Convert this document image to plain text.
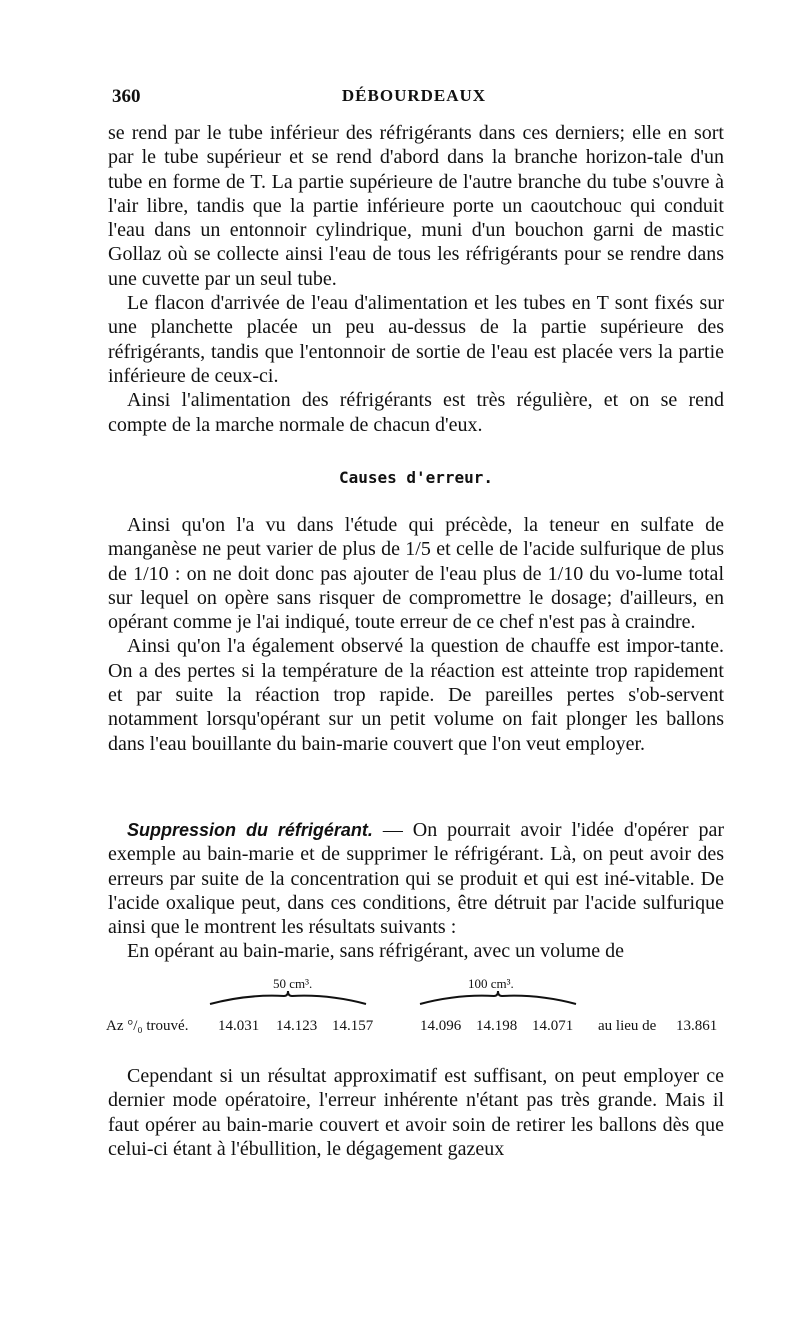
360	DÉBOURDEAUX

se rend par le tube inférieur des réfrigérants dans ces derniers; elle en sort par le tube supérieur et se rend d'abord dans la branche horizon-tale d'un tube en forme de T. La partie supérieure de l'autre branche du tube s'ouvre à l'air libre, tandis que la partie inférieure porte un caoutchouc qui conduit l'eau dans un entonnoir cylindrique, muni d'un bouchon garni de mastic Gollaz où se collecte ainsi l'eau de tous les réfrigérants pour se rendre dans une cuvette par un seul tube.

Le flacon d'arrivée de l'eau d'alimentation et les tubes en T sont fixés sur une planchette placée un peu au-dessus de la partie supérieure des réfrigérants, tandis que l'entonnoir de sortie de l'eau est placée vers la partie inférieure de ceux-ci.

Ainsi l'alimentation des réfrigérants est très régulière, et on se rend compte de la marche normale de chacun d'eux.

Causes d'erreur.

Ainsi qu'on l'a vu dans l'étude qui précède, la teneur en sulfate de manganèse ne peut varier de plus de 1/5 et celle de l'acide sulfurique de plus de 1/10 : on ne doit donc pas ajouter de l'eau plus de 1/10 du vo-lume total sur lequel on opère sans risquer de compromettre le dosage; d'ailleurs, en opérant comme je l'ai indiqué, toute erreur de ce chef n'est pas à craindre.

Ainsi qu'on l'a également observé la question de chauffe est impor-tante. On a des pertes si la température de la réaction est atteinte trop rapidement et par suite la réaction trop rapide. De pareilles pertes s'ob-servent notamment lorsqu'opérant sur un petit volume on fait plonger les ballons dans l'eau bouillante du bain-marie couvert que l'on veut employer.

Suppression du réfrigérant. — On pourrait avoir l'idée d'opérer par exemple au bain-marie et de supprimer le réfrigérant. Là, on peut avoir des erreurs par suite de la concentration qui se produit et qui est iné-vitable. De l'acide oxalique peut, dans ces conditions, être détruit par l'acide sulfurique ainsi que le montrent les résultats suivants :

En opérant au bain-marie, sans réfrigérant, avec un volume de

50 cm³.	100 cm³.
Az °/₀ trouvé. 14.031 14.123 14.157	14.096 14.198 14.071 au lieu de 13.861

Cependant si un résultat approximatif est suffisant, on peut employer ce dernier mode opératoire, l'erreur inhérente n'étant pas très grande. Mais il faut opérer au bain-marie couvert et avoir soin de retirer les ballons dès que celui-ci étant à l'ébullition, le dégagement gazeux
